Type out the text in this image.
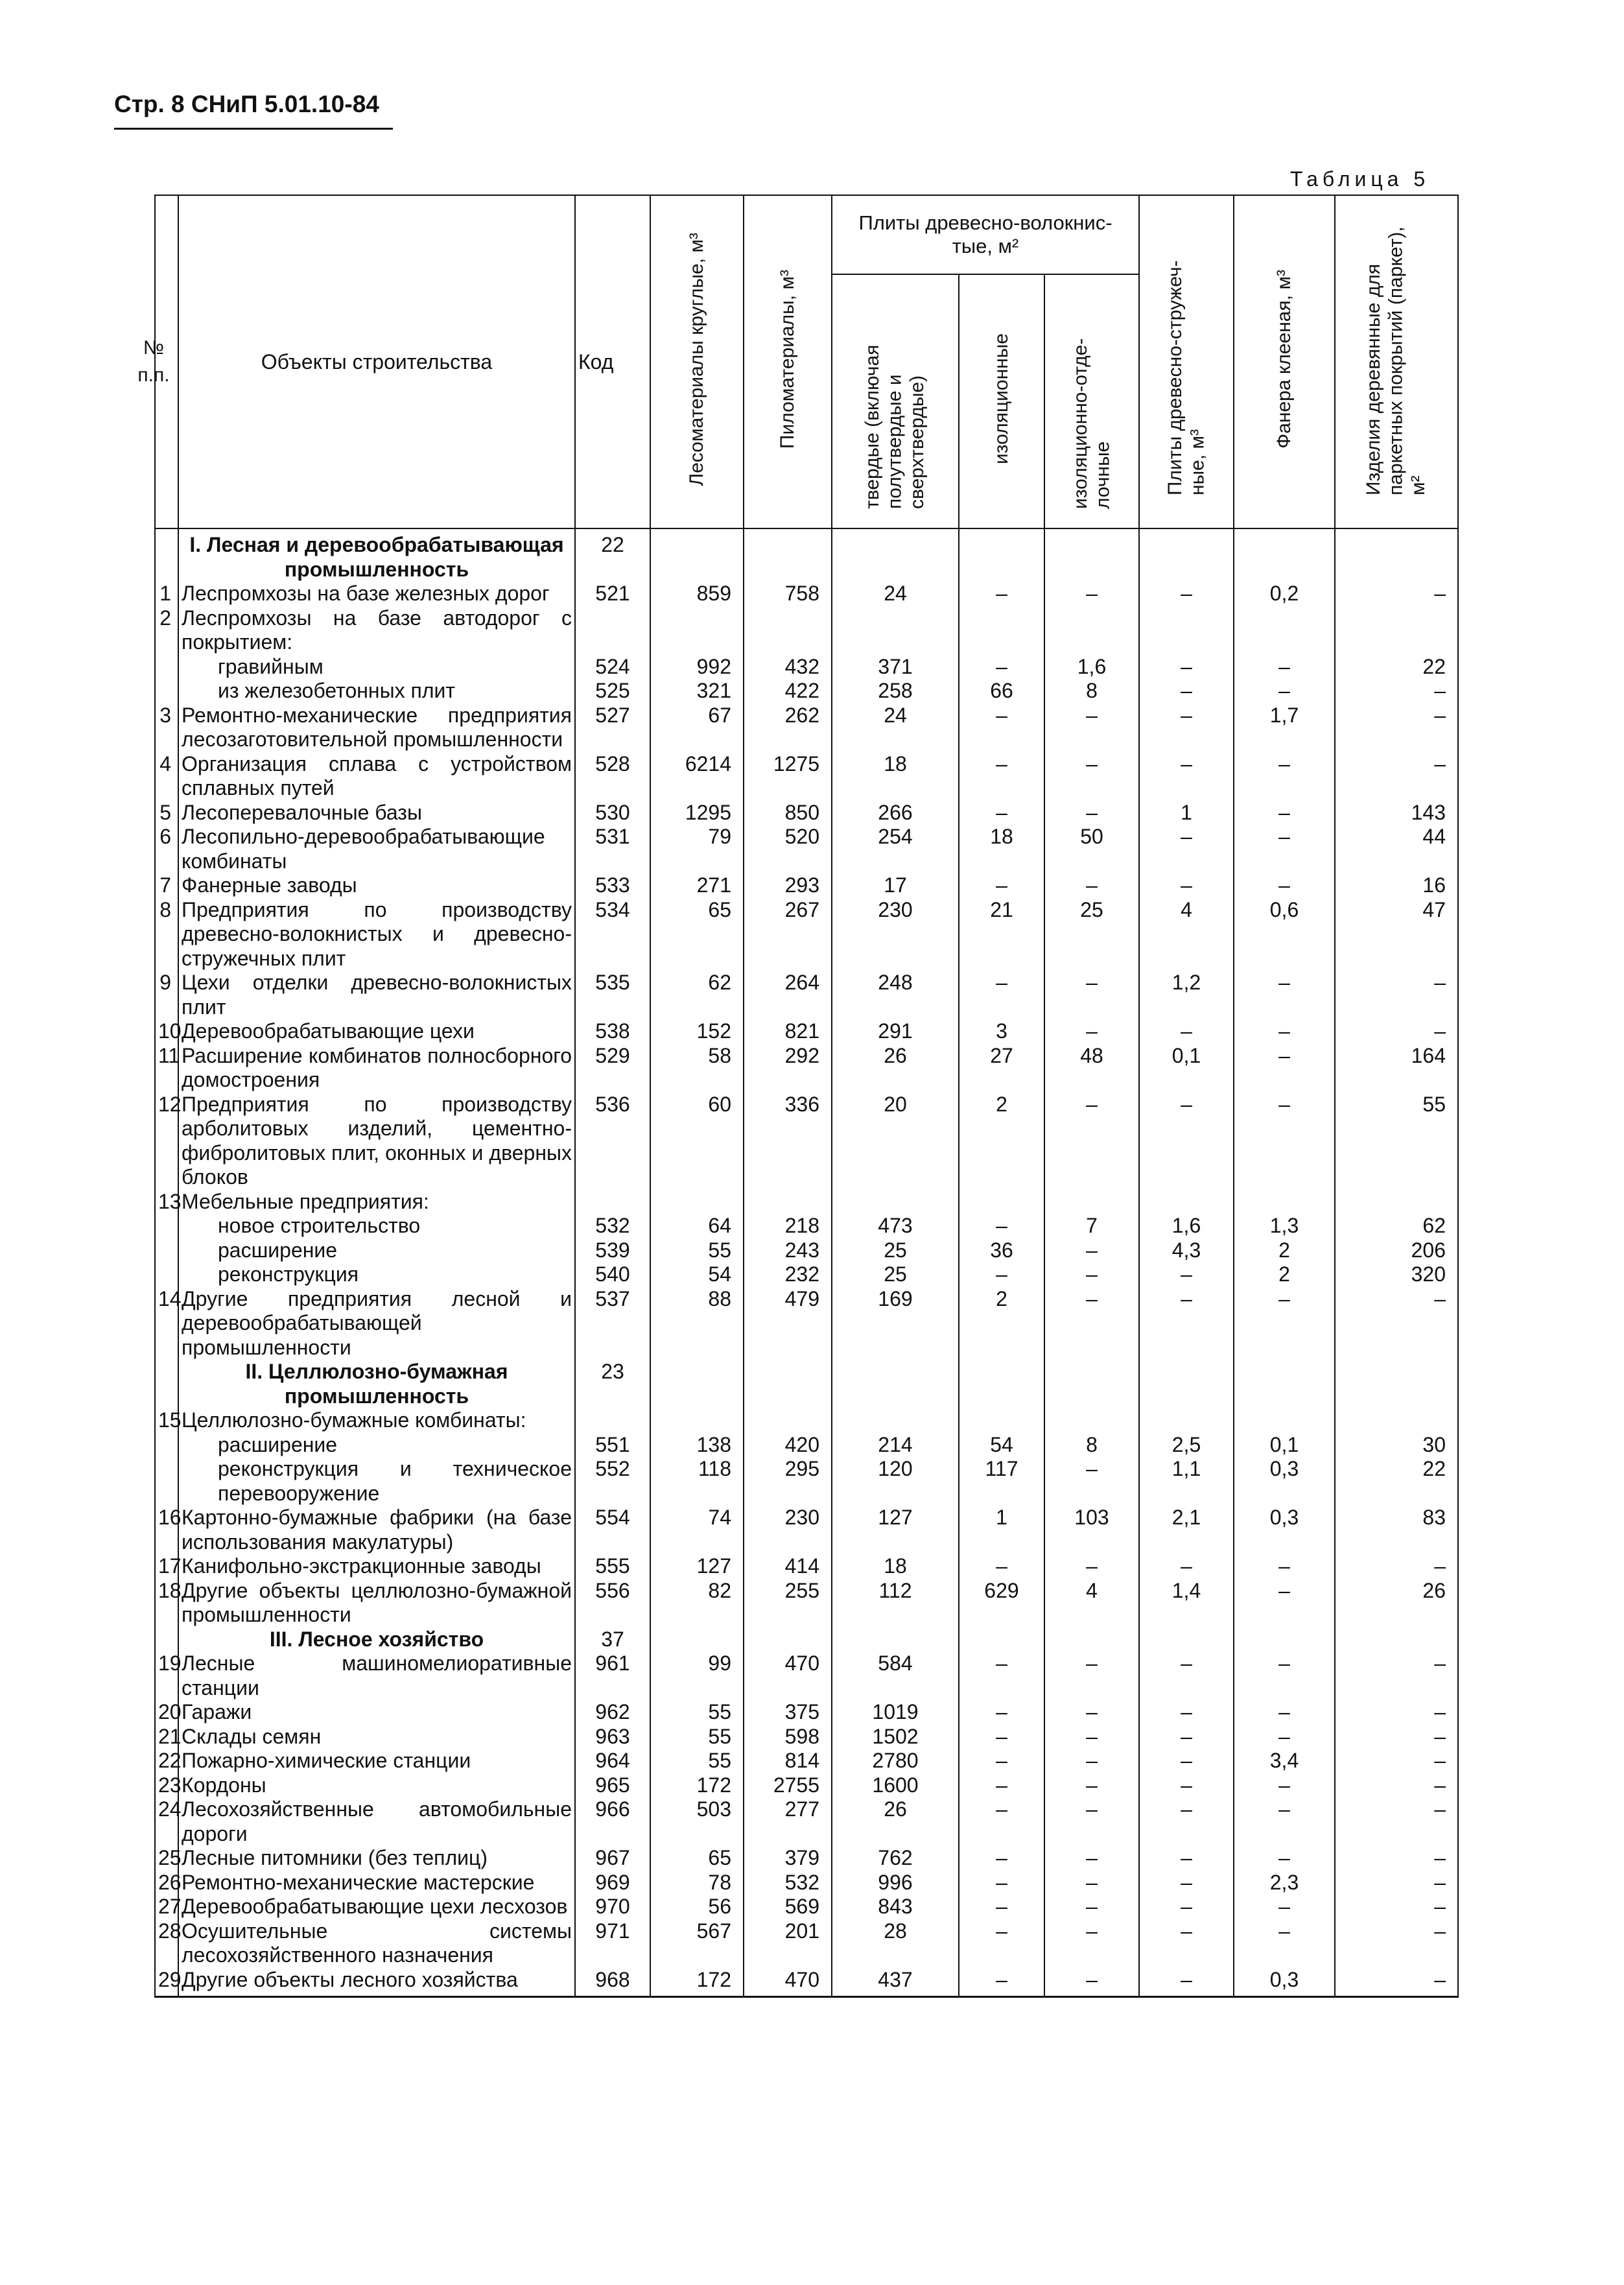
Стр. 8 СНиП 5.01.10-84
Таблица 5
№ п.п.	Объекты строительства	Код	Лесоматериалы круглые, м³	Пиломатериалы, м³	Плиты древесно-волокнис-тые, м²			Плиты древесно-стружеч-ные, м³	Фанера клееная, м³	Изделия деревянные для паркетных покрытий (паркет), м²
					твердые (включая полутвердые и сверхтвердые)	изоляционные	изоляционно-отде-лочные			
	I. Лесная и деревообрабатывающая промышленность	22								
1	Леспромхозы на базе железных дорог	521	859	758	24	–	–	–	0,2	–
2	Леспромхозы на базе автодорог с покрытием:									
	гравийным	524	992	432	371	–	1,6	–	–	22
	из железобетонных плит	525	321	422	258	66	8	–	–	–
3	Ремонтно-механические предприятия лесозаготовительной промышленности	527	67	262	24	–	–	–	1,7	–
4	Организация сплава с устройством сплавных путей	528	6214	1275	18	–	–	–	–	–
5	Лесоперевалочные базы	530	1295	850	266	–	–	1	–	143
6	Лесопильно-деревообрабатывающие комбинаты	531	79	520	254	18	50	–	–	44
7	Фанерные заводы	533	271	293	17	–	–	–	–	16
8	Предприятия по производству древесно-волокнистых и древесно-стружечных плит	534	65	267	230	21	25	4	0,6	47
9	Цехи отделки древесно-волокнистых плит	535	62	264	248	–	–	1,2	–	–
10	Деревообрабатывающие цехи	538	152	821	291	3	–	–	–	–
11	Расширение комбинатов полносборного домостроения	529	58	292	26	27	48	0,1	–	164
12	Предприятия по производству арболитовых изделий, цементно-фибролитовых плит, оконных и дверных блоков	536	60	336	20	2	–	–	–	55
13	Мебельные предприятия:									
	новое строительство	532	64	218	473	–	7	1,6	1,3	62
	расширение	539	55	243	25	36	–	4,3	2	206
	реконструкция	540	54	232	25	–	–	–	2	320
14	Другие предприятия лесной и деревообрабатывающей промышленности	537	88	479	169	2	–	–	–	–
	II. Целлюлозно-бумажная промышленность	23								
15	Целлюлозно-бумажные комбинаты:									
	расширение	551	138	420	214	54	8	2,5	0,1	30
	реконструкция и техническое перевооружение	552	118	295	120	117	–	1,1	0,3	22
16	Картонно-бумажные фабрики (на базе использования макулатуры)	554	74	230	127	1	103	2,1	0,3	83
17	Канифольно-экстракционные заводы	555	127	414	18	–	–	–	–	–
18	Другие объекты целлюлозно-бумажной промышленности	556	82	255	112	629	4	1,4	–	26
	III. Лесное хозяйство	37								
19	Лесные машиномелиоративные станции	961	99	470	584	–	–	–	–	–
20	Гаражи	962	55	375	1019	–	–	–	–	–
21	Склады семян	963	55	598	1502	–	–	–	–	–
22	Пожарно-химические станции	964	55	814	2780	–	–	–	3,4	–
23	Кордоны	965	172	2755	1600	–	–	–	–	–
24	Лесохозяйственные автомобильные дороги	966	503	277	26	–	–	–	–	–
25	Лесные питомники (без теплиц)	967	65	379	762	–	–	–	–	–
26	Ремонтно-механические мастерские	969	78	532	996	–	–	–	2,3	–
27	Деревообрабатывающие цехи лесхозов	970	56	569	843	–	–	–	–	–
28	Осушительные системы лесохозяйственного назначения	971	567	201	28	–	–	–	–	–
29	Другие объекты лесного хозяйства	968	172	470	437	–	–	–	0,3	–
